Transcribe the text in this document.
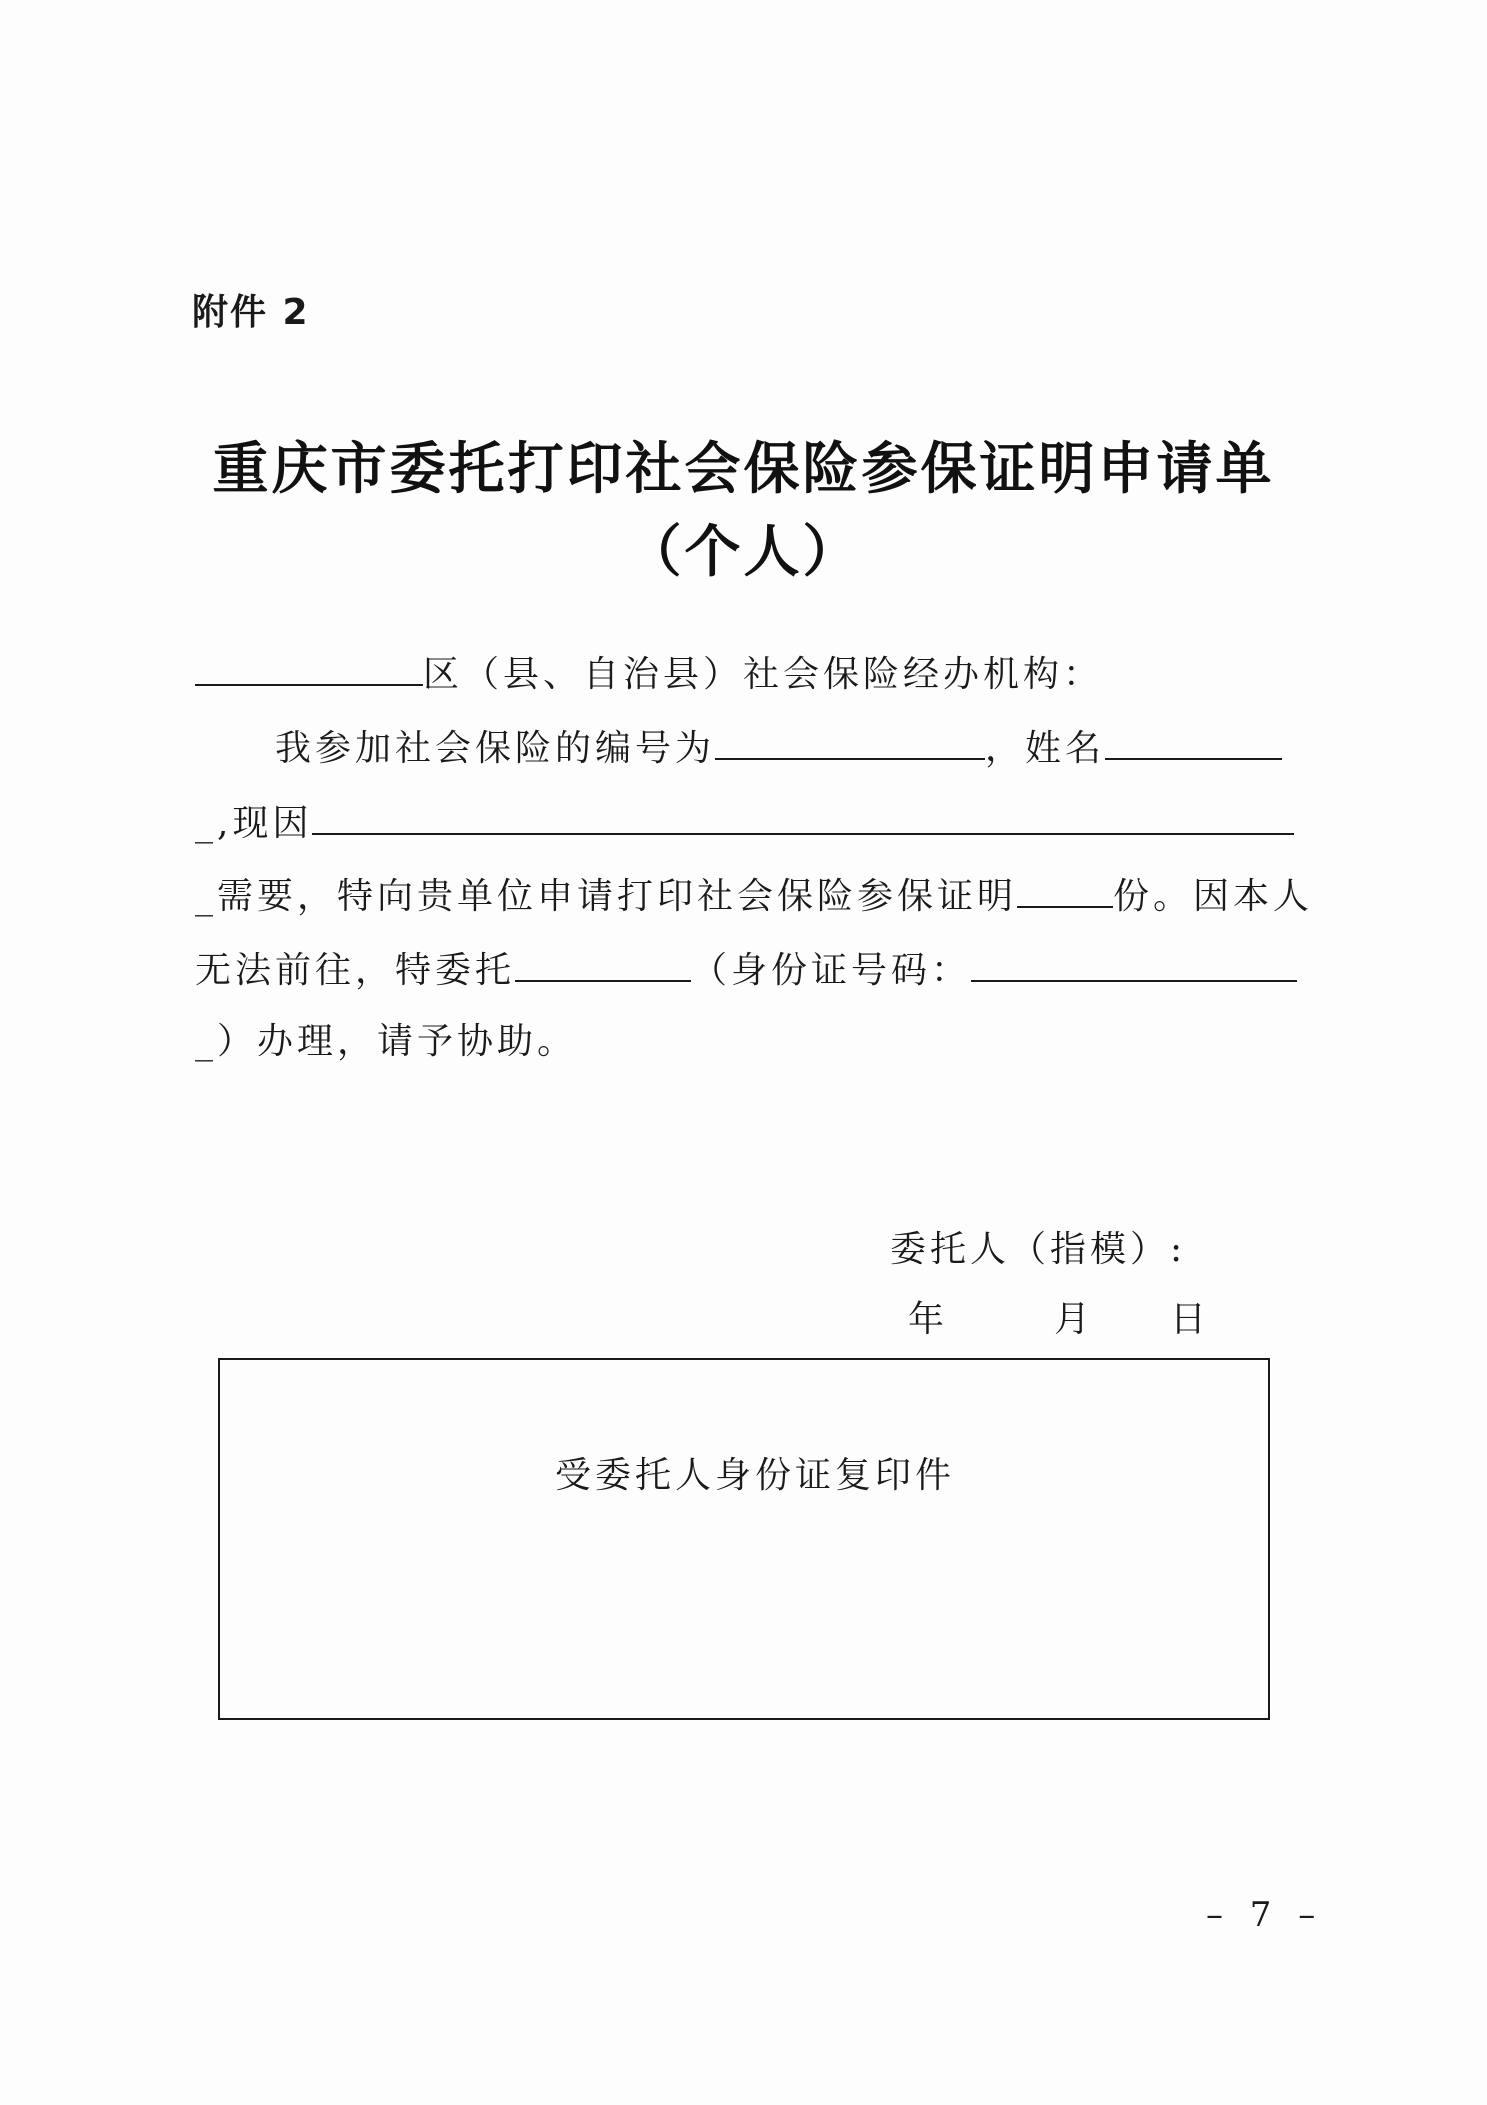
附件 2
重庆市委托打印社会保险参保证明申请单
（个人）
区（县、自治县）社会保险经办机构：
我参加社会保险的编号为	，姓名
_,现因
_需要，特向贵单位申请打印社会保险参保证明	份。因本人
无法前往，特委托	（身份证号码：
_）办理，请予协助。
委托人（指模）:
年	月 日
受委托人身份证复印件
– 7 –
